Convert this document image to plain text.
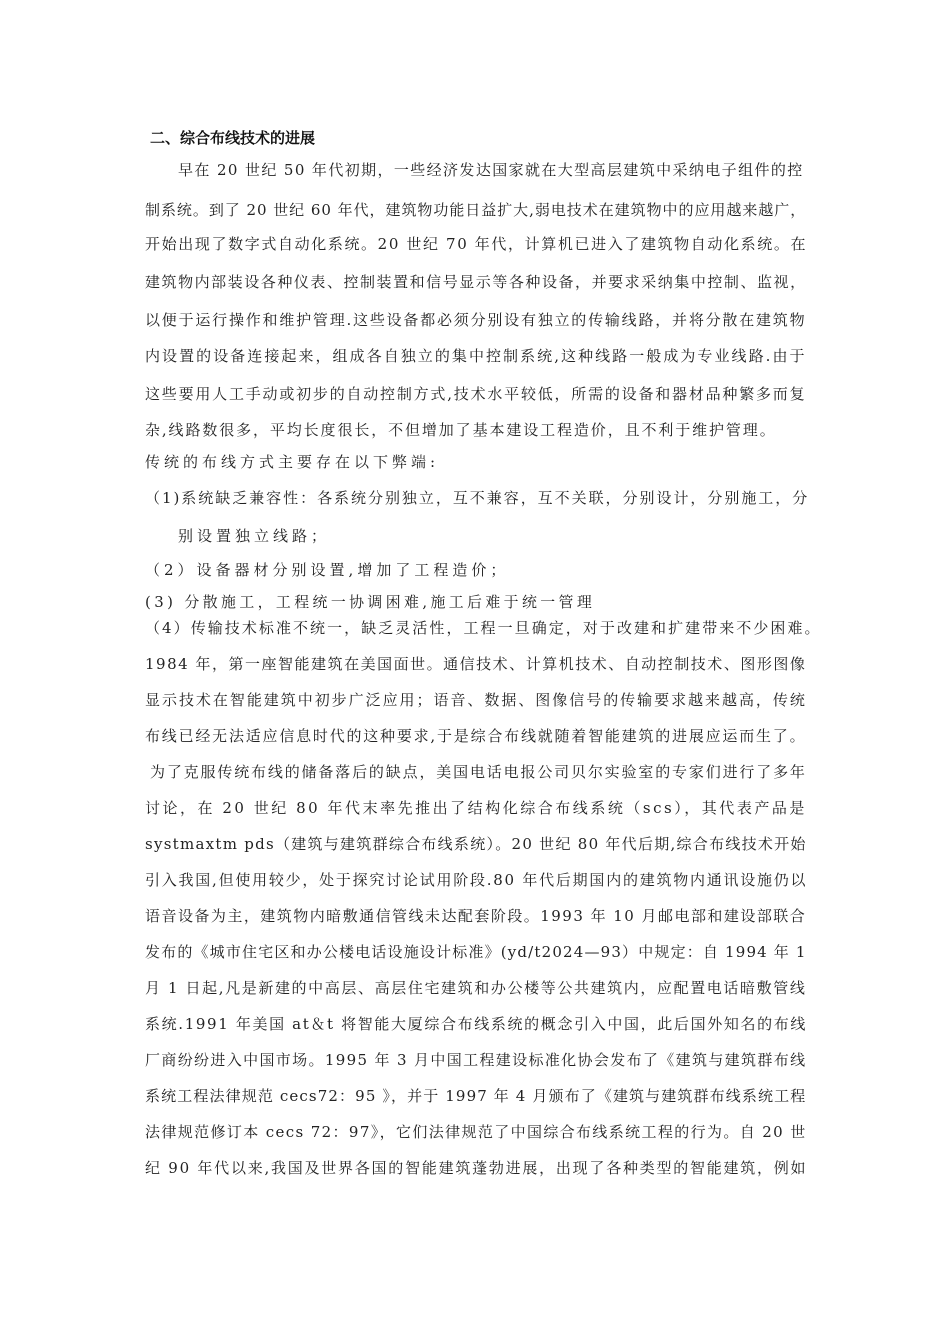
二、综合布线技术的进展
早在 20 世纪 50 年代初期，一些经济发达国家就在大型高层建筑中采纳电子组件的控
制系统。到了 20 世纪 60 年代，建筑物功能日益扩大,弱电技术在建筑物中的应用越来越广，
开始出现了数字式自动化系统。20 世纪 70 年代，计算机已进入了建筑物自动化系统。在
建筑物内部装设各种仪表、控制装置和信号显示等各种设备，并要求采纳集中控制、监视，
以便于运行操作和维护管理.这些设备都必须分别设有独立的传输线路，并将分散在建筑物
内设置的设备连接起来，组成各自独立的集中控制系统,这种线路一般成为专业线路.由于
这些要用人工手动或初步的自动控制方式,技术水平较低，所需的设备和器材品种繁多而复
杂,线路数很多，平均长度很长，不但增加了基本建设工程造价，且不利于维护管理。
传统的布线方式主要存在以下弊端:
（1)系统缺乏兼容性：各系统分别独立，互不兼容，互不关联，分别设计，分别施工，分
别设置独立线路；
（2）设备器材分别设置,增加了工程造价；
(3) 分散施工，工程统一协调困难,施工后难于统一管理
（4）传输技术标准不统一，缺乏灵活性，工程一旦确定，对于改建和扩建带来不少困难。
1984 年，第一座智能建筑在美国面世。通信技术、计算机技术、自动控制技术、图形图像
显示技术在智能建筑中初步广泛应用；语音、数据、图像信号的传输要求越来越高，传统
布线已经无法适应信息时代的这种要求,于是综合布线就随着智能建筑的进展应运而生了。
为了克服传统布线的储备落后的缺点，美国电话电报公司贝尔实验室的专家们进行了多年
讨论，在 20 世纪 80 年代末率先推出了结构化综合布线系统（scs），其代表产品是
systmaxtm pds（建筑与建筑群综合布线系统）。20 世纪 80 年代后期,综合布线技术开始
引入我国,但使用较少，处于探究讨论试用阶段.80 年代后期国内的建筑物内通讯设施仍以
语音设备为主，建筑物内暗敷通信管线未达配套阶段。1993 年 10 月邮电部和建设部联合
发布的《城市住宅区和办公楼电话设施设计标准》(yd/t2024—93）中规定：自 1994 年 1
月 1 日起,凡是新建的中高层、高层住宅建筑和办公楼等公共建筑内，应配置电话暗敷管线
系统.1991 年美国 at＆t 将智能大厦综合布线系统的概念引入中国，此后国外知名的布线
厂商纷纷进入中国市场。1995 年 3 月中国工程建设标准化协会发布了《建筑与建筑群布线
系统工程法律规范 cecs72：95 》，并于 1997 年 4 月颁布了《建筑与建筑群布线系统工程
法律规范修订本 cecs 72：97》，它们法律规范了中国综合布线系统工程的行为。自 20 世
纪 90 年代以来,我国及世界各国的智能建筑蓬勃进展，出现了各种类型的智能建筑，例如
